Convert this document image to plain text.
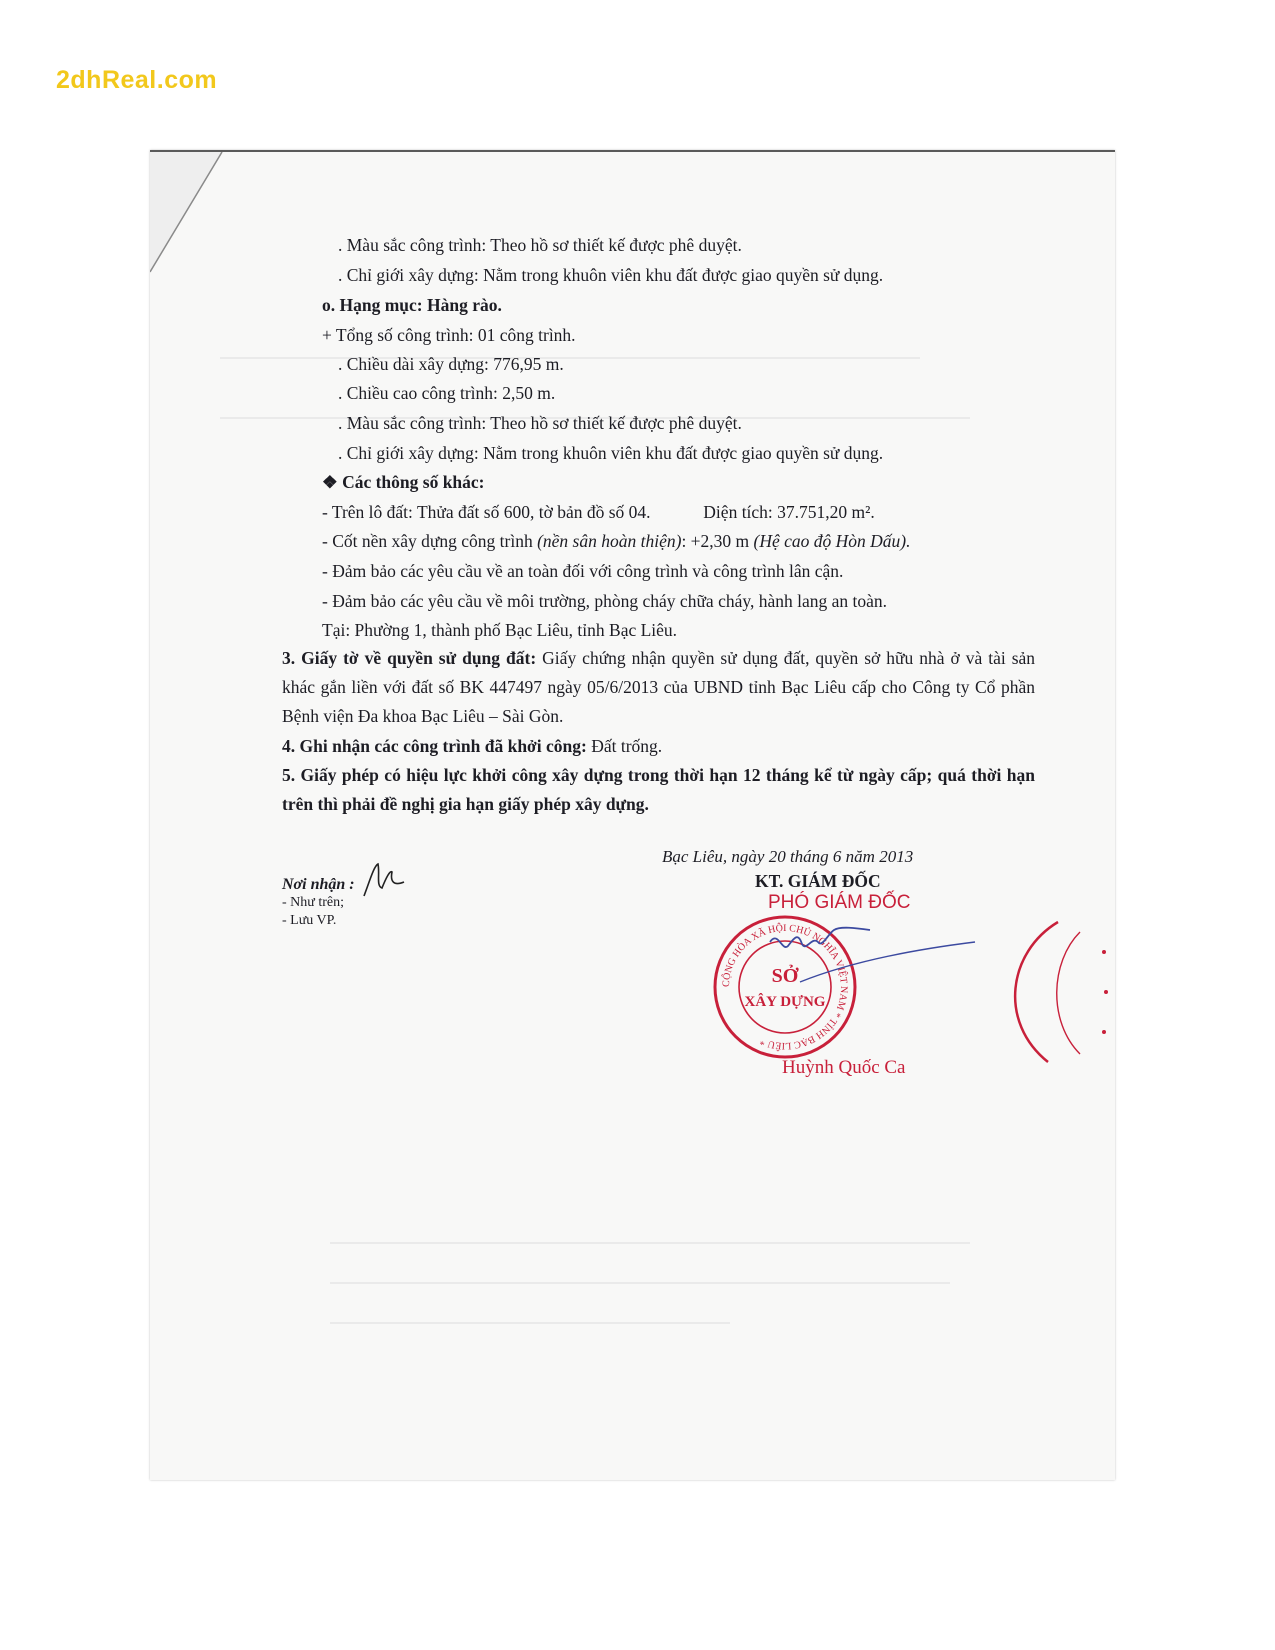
2dhReal.com
. Màu sắc công trình: Theo hồ sơ thiết kế được phê duyệt.
. Chỉ giới xây dựng: Nằm trong khuôn viên khu đất được giao quyền sử dụng.
o. Hạng mục: Hàng rào.
+ Tổng số công trình: 01 công trình.
. Chiều dài xây dựng: 776,95 m.
. Chiều cao công trình: 2,50 m.
. Màu sắc công trình: Theo hồ sơ thiết kế được phê duyệt.
. Chỉ giới xây dựng: Nằm trong khuôn viên khu đất được giao quyền sử dụng.
❖ Các thông số khác:
- Trên lô đất: Thửa đất số 600, tờ bản đồ số 04.	Diện tích: 37.751,20 m².
- Cốt nền xây dựng công trình (nền sân hoàn thiện): +2,30 m (Hệ cao độ Hòn Dấu).
- Đảm bảo các yêu cầu về an toàn đối với công trình và công trình lân cận.
- Đảm bảo các yêu cầu về môi trường, phòng cháy chữa cháy, hành lang an toàn.
Tại: Phường 1, thành phố Bạc Liêu, tỉnh Bạc Liêu.
3. Giấy tờ về quyền sử dụng đất: Giấy chứng nhận quyền sử dụng đất, quyền sở hữu nhà ở và tài sản khác gắn liền với đất số BK 447497 ngày 05/6/2013 của UBND tỉnh Bạc Liêu cấp cho Công ty Cổ phần Bệnh viện Đa khoa Bạc Liêu – Sài Gòn.
4. Ghi nhận các công trình đã khởi công: Đất trống.
5. Giấy phép có hiệu lực khởi công xây dựng trong thời hạn 12 tháng kể từ ngày cấp; quá thời hạn trên thì phải đề nghị gia hạn giấy phép xây dựng.
Nơi nhận :
- Như trên;
- Lưu VP.
Bạc Liêu, ngày 20 tháng 6 năm 2013
KT. GIÁM ĐỐC
PHÓ GIÁM ĐỐC
CỘNG HÒA XÃ HỘI CHỦ NGHĨA VIỆT NAM * TỈNH BẠC LIÊU *
SỞ
XÂY DỰNG
Huỳnh Quốc Ca
